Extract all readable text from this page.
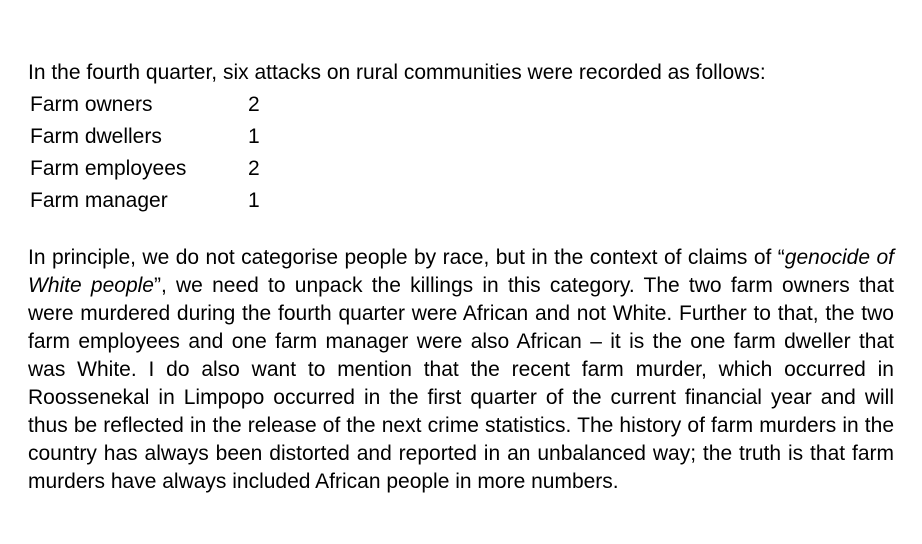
In the fourth quarter, six attacks on rural communities were recorded as follows:

Farm owners	2
Farm dwellers	1
Farm employees	2
Farm manager	1

In principle, we do not categorise people by race, but in the context of claims of “genocide of White people”, we need to unpack the killings in this category. The two farm owners that were murdered during the fourth quarter were African and not White. Further to that, the two farm employees and one farm manager were also African – it is the one farm dweller that was White. I do also want to mention that the recent farm murder, which occurred in Roossenekal in Limpopo occurred in the first quarter of the current financial year and will thus be reflected in the release of the next crime statistics. The history of farm murders in the country has always been distorted and reported in an unbalanced way; the truth is that farm murders have always included African people in more numbers.
